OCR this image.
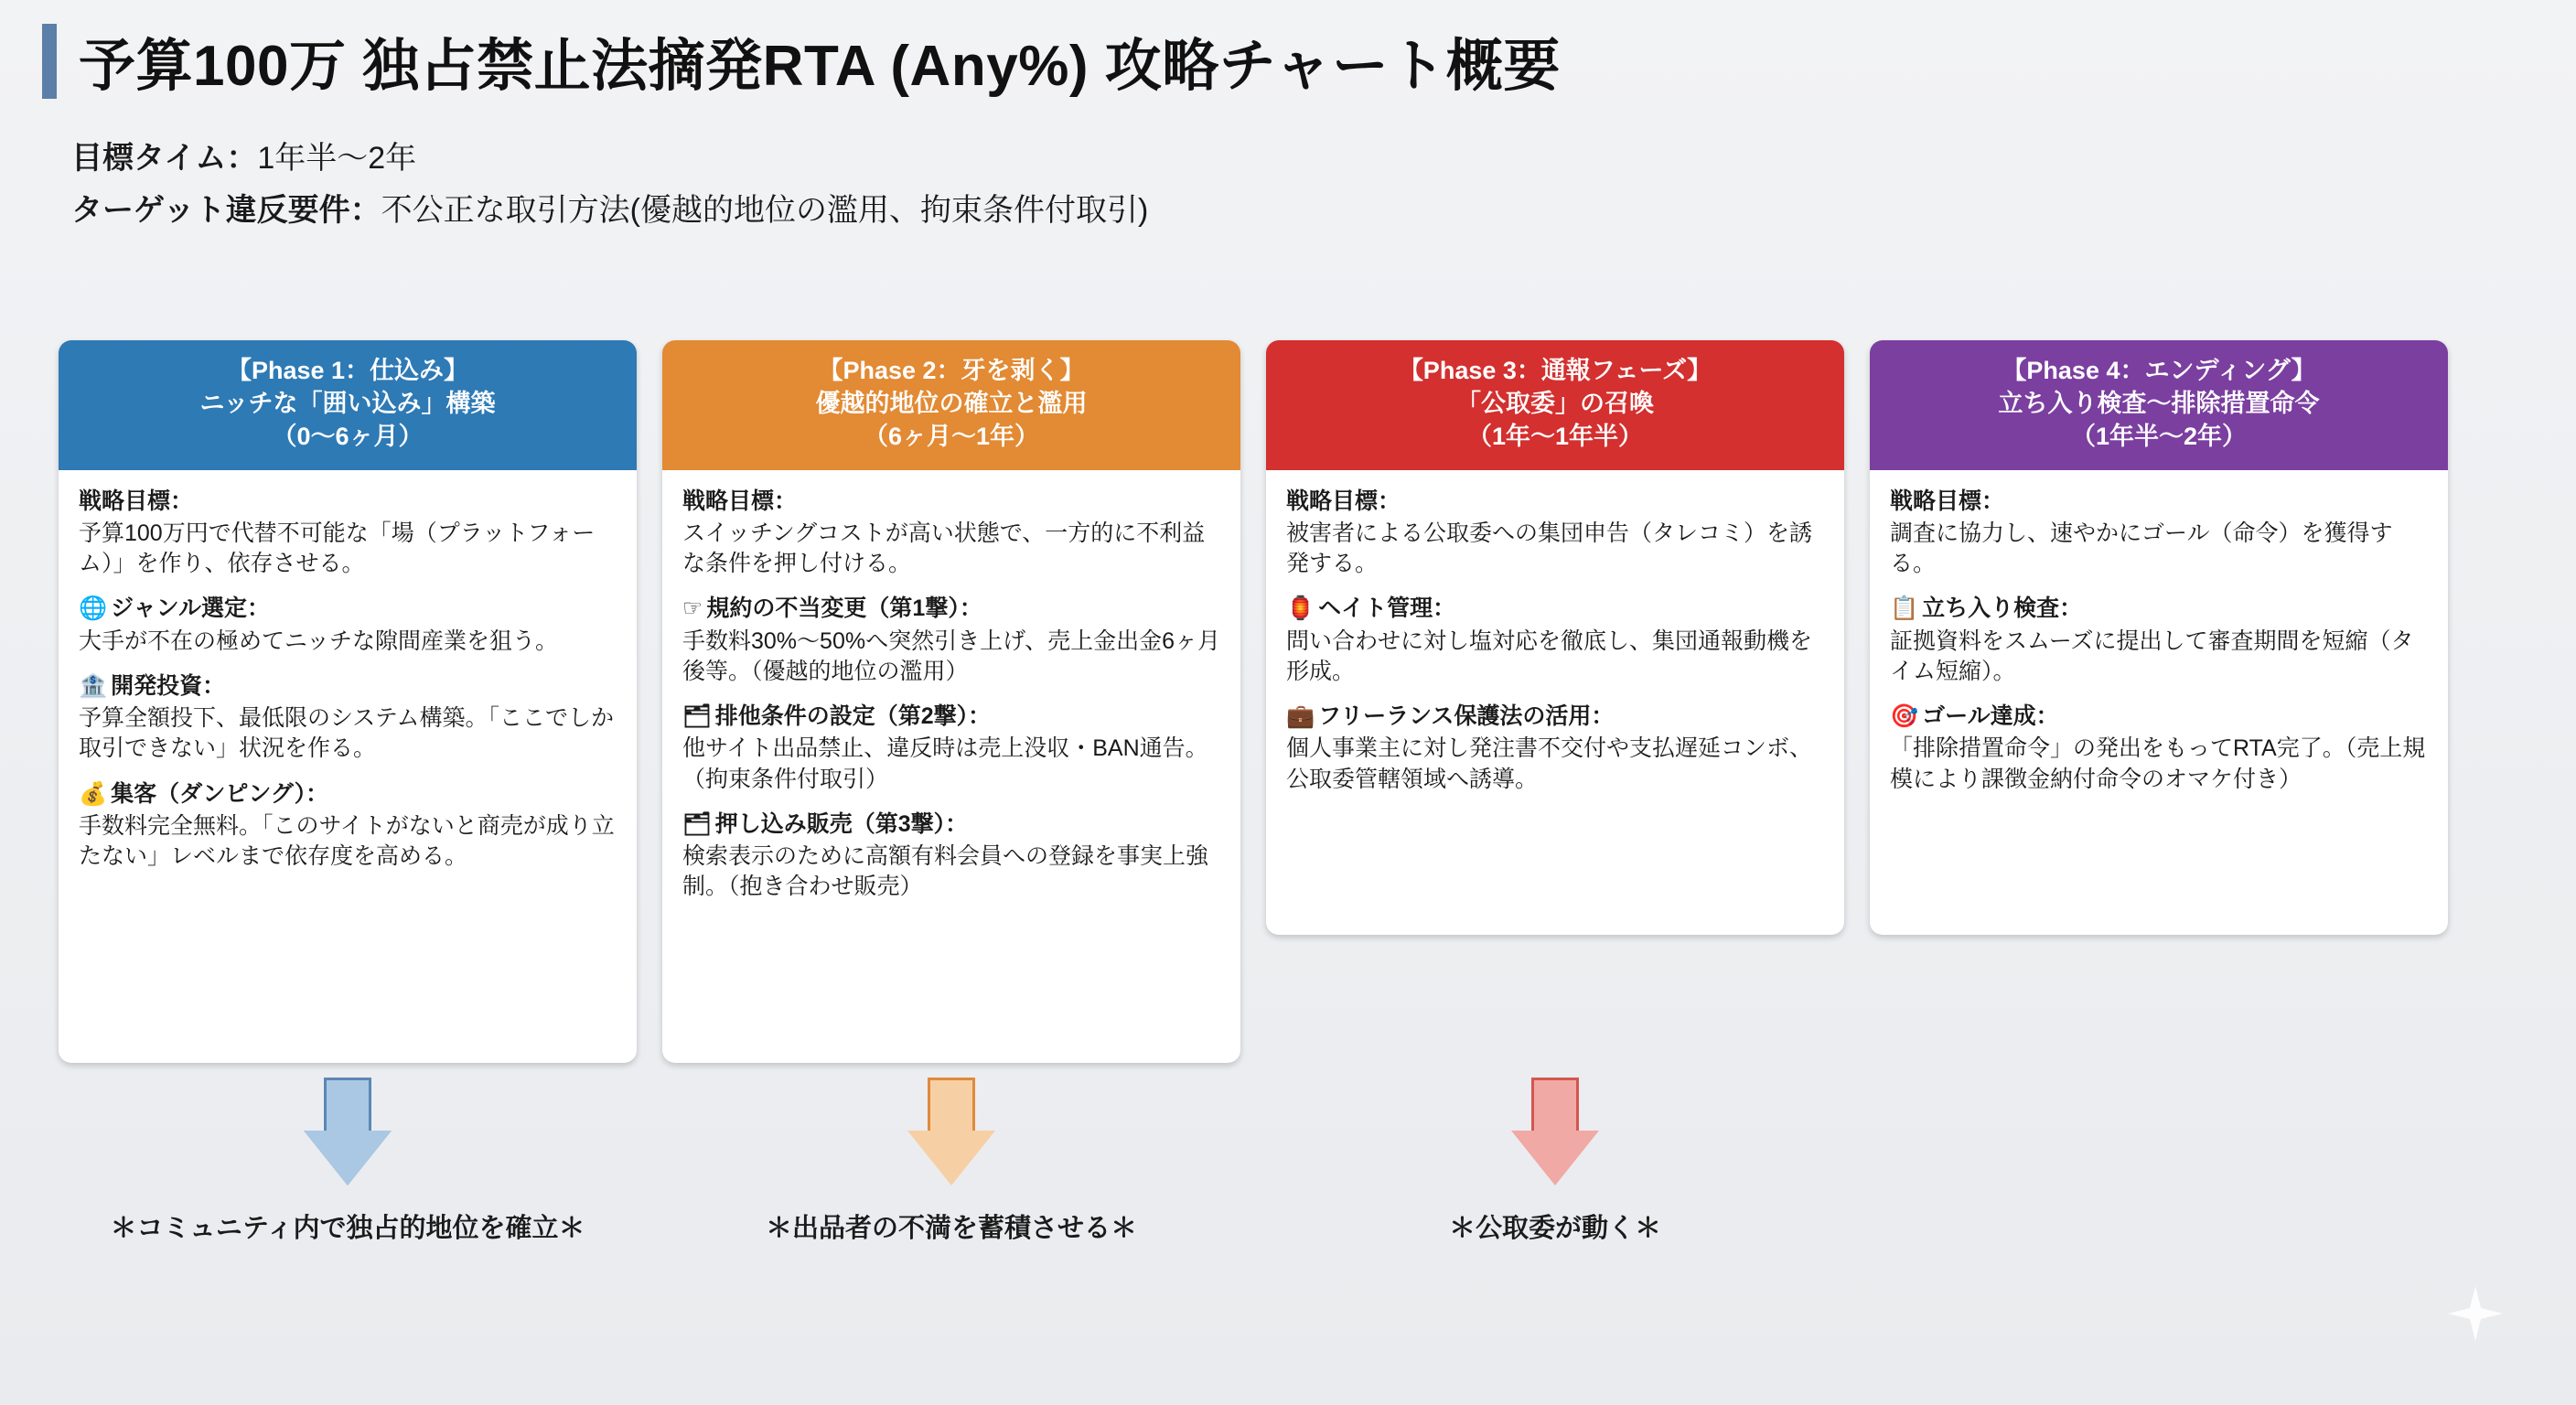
予算100万 独占禁止法摘発RTA (Any%) 攻略チャート概要
目標タイム：1年半〜2年
ターゲット違反要件：不公正な取引方法(優越的地位の濫用、拘束条件付取引)
【Phase 1：仕込み】
ニッチな「囲い込み」構築
（0〜6ヶ月）
戦略目標：
予算100万円で代替不可能な「場（プラットフォーム）」を作り、依存させる。
🌐 ジャンル選定：
大手が不在の極めてニッチな隙間産業を狙う。
🏦 開発投資：
予算全額投下、最低限のシステム構築。「ここでしか取引できない」状況を作る。
💰 集客（ダンピング）：
手数料完全無料。「このサイトがないと商売が成り立たない」レベルまで依存度を高める。
＊コミュニティ内で独占的地位を確立＊
【Phase 2：牙を剥く】
優越的地位の確立と濫用
（6ヶ月〜1年）
戦略目標：
スイッチングコストが高い状態で、一方的に不利益な条件を押し付ける。
☞ 規約の不当変更（第1撃）：
手数料30%〜50%へ突然引き上げ、売上金出金6ヶ月後等。（優越的地位の濫用）
🗂 排他条件の設定（第2撃）：
他サイト出品禁止、違反時は売上没収・BAN通告。（拘束条件付取引）
🗂 押し込み販売（第3撃）：
検索表示のために高額有料会員への登録を事実上強制。（抱き合わせ販売）
＊出品者の不満を蓄積させる＊
【Phase 3：通報フェーズ】
「公取委」の召喚
（1年〜1年半）
戦略目標：
被害者による公取委への集団申告（タレコミ）を誘発する。
🏮 ヘイト管理：
問い合わせに対し塩対応を徹底し、集団通報動機を形成。
💼 フリーランス保護法の活用：
個人事業主に対し発注書不交付や支払遅延コンボ、公取委管轄領域へ誘導。
＊公取委が動く＊
【Phase 4：エンディング】
立ち入り検査〜排除措置命令
（1年半〜2年）
戦略目標：
調査に協力し、速やかにゴール（命令）を獲得する。
📋 立ち入り検査：
証拠資料をスムーズに提出して審査期間を短縮（タイム短縮）。
🎯 ゴール達成：
「排除措置命令」の発出をもってRTA完了。（売上規模により課徴金納付命令のオマケ付き）
